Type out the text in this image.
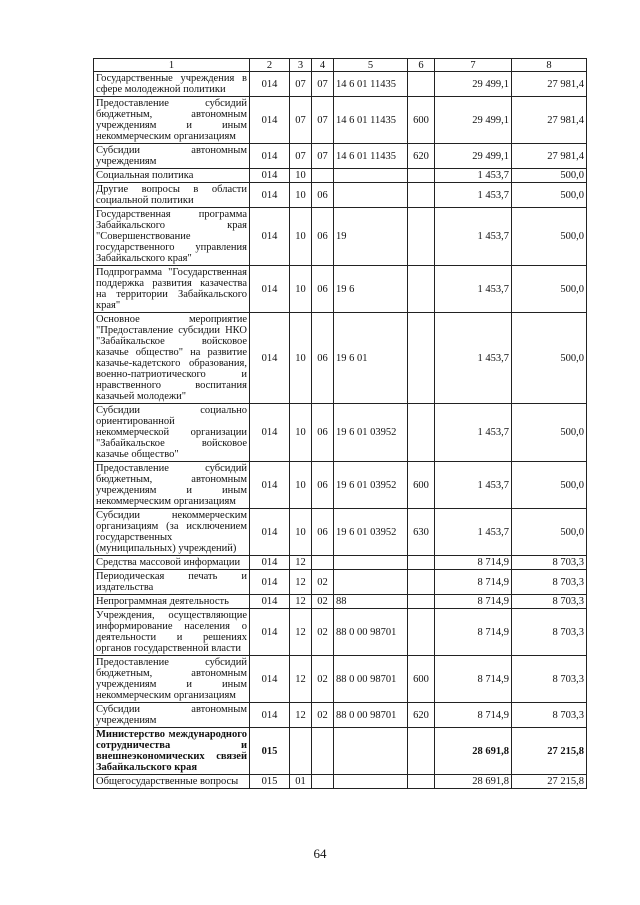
1	2	3	4	5	6	7	8
Государственные учреждения в сфере молодежной политики	014	07	07	14 6 01 11435		29 499,1	27 981,4
Предоставление субсидий бюджетным, автономным учреждениям и иным некоммерческим организациям	014	07	07	14 6 01 11435	600	29 499,1	27 981,4
Субсидии автономным учреждениям	014	07	07	14 6 01 11435	620	29 499,1	27 981,4
Социальная политика	014	10				1 453,7	500,0
Другие вопросы в области социальной политики	014	10	06			1 453,7	500,0
Государственная программа Забайкальского края "Совершенствование государственного управления Забайкальского края"	014	10	06	19		1 453,7	500,0
Подпрограмма "Государственная поддержка развития казачества на территории Забайкальского края"	014	10	06	19 6		1 453,7	500,0
Основное мероприятие "Предоставление субсидии НКО "Забайкальское войсковое казачье общество" на развитие казачье-кадетского образования, военно-патриотического и нравственного воспитания казачьей молодежи"	014	10	06	19 6 01		1 453,7	500,0
Субсидии социально ориентированной некоммерческой организации "Забайкальское войсковое казачье общество"	014	10	06	19 6 01 03952		1 453,7	500,0
Предоставление субсидий бюджетным, автономным учреждениям и иным некоммерческим организациям	014	10	06	19 6 01 03952	600	1 453,7	500,0
Субсидии некоммерческим организациям (за исключением государственных (муниципальных) учреждений)	014	10	06	19 6 01 03952	630	1 453,7	500,0
Средства массовой информации	014	12				8 714,9	8 703,3
Периодическая печать и издательства	014	12	02			8 714,9	8 703,3
Непрограммная деятельность	014	12	02	88		8 714,9	8 703,3
Учреждения, осуществляющие информирование населения о деятельности и решениях органов государственной власти	014	12	02	88 0 00 98701		8 714,9	8 703,3
Предоставление субсидий бюджетным, автономным учреждениям и иным некоммерческим организациям	014	12	02	88 0 00 98701	600	8 714,9	8 703,3
Субсидии автономным учреждениям	014	12	02	88 0 00 98701	620	8 714,9	8 703,3
Министерство международного сотрудничества и внешнеэкономических связей Забайкальского края	015					28 691,8	27 215,8
Общегосударственные вопросы	015	01				28 691,8	27 215,8
64
